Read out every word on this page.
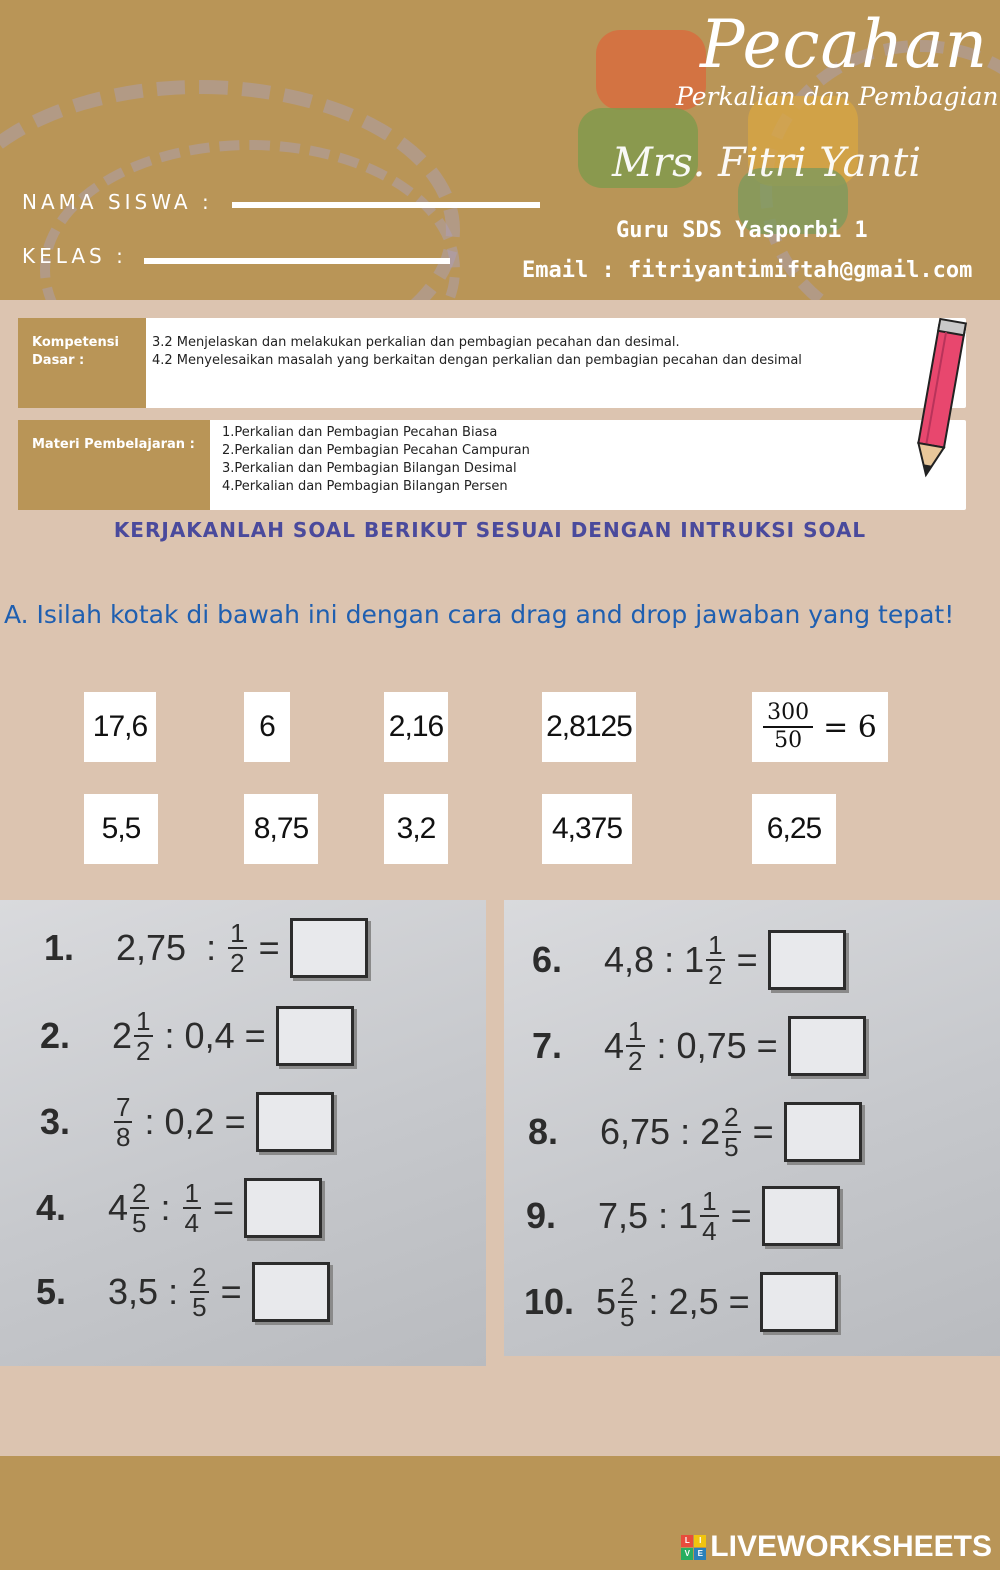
Pecahan
Perkalian dan Pembagian
Mrs. Fitri Yanti
Guru SDS Yasporbi 1
Email : fitriyantimiftah@gmail.com
NAMA SISWA :
KELAS :
Kompetensi Dasar :
3.2 Menjelaskan dan melakukan perkalian dan pembagian pecahan dan desimal.
4.2 Menyelesaikan masalah yang berkaitan dengan perkalian dan pembagian pecahan dan desimal
Materi Pembelajaran :
1.Perkalian dan Pembagian Pecahan Biasa
2.Perkalian dan Pembagian Pecahan Campuran
3.Perkalian dan Pembagian Bilangan Desimal
4.Perkalian dan Pembagian Bilangan Persen
KERJAKANLAH SOAL BERIKUT SESUAI DENGAN INTRUKSI SOAL
A. Isilah kotak di bawah ini dengan cara drag and drop jawaban yang tepat!
17,6	6	2,16	2,8125	$\frac{300}{50} = 6$
5,5	8,75	3,2	4,375	6,25
1.	2,75
:
$\frac{1}{2}$
=
2.	$2 \frac{1}{2}$
:
0,4
=
3.	$\frac{7}{8}$
:
0,2
=
4.	$4 \frac{2}{5}$
:
$\frac{1}{4}$
=
5.	3,5
:
$\frac{2}{5}$
=
6.	4,8
:
$1 \frac{1}{2}$
=
7.	$4 \frac{1}{2}$
:
0,75
=
8.	6,75
:
$2 \frac{2}{5}$
=
9.	7,5
:
$1 \frac{1}{4}$
=
10. $5 \frac{2}{5}$
:
2,5
=
L	I
V E LIVEWORKSHEETS
